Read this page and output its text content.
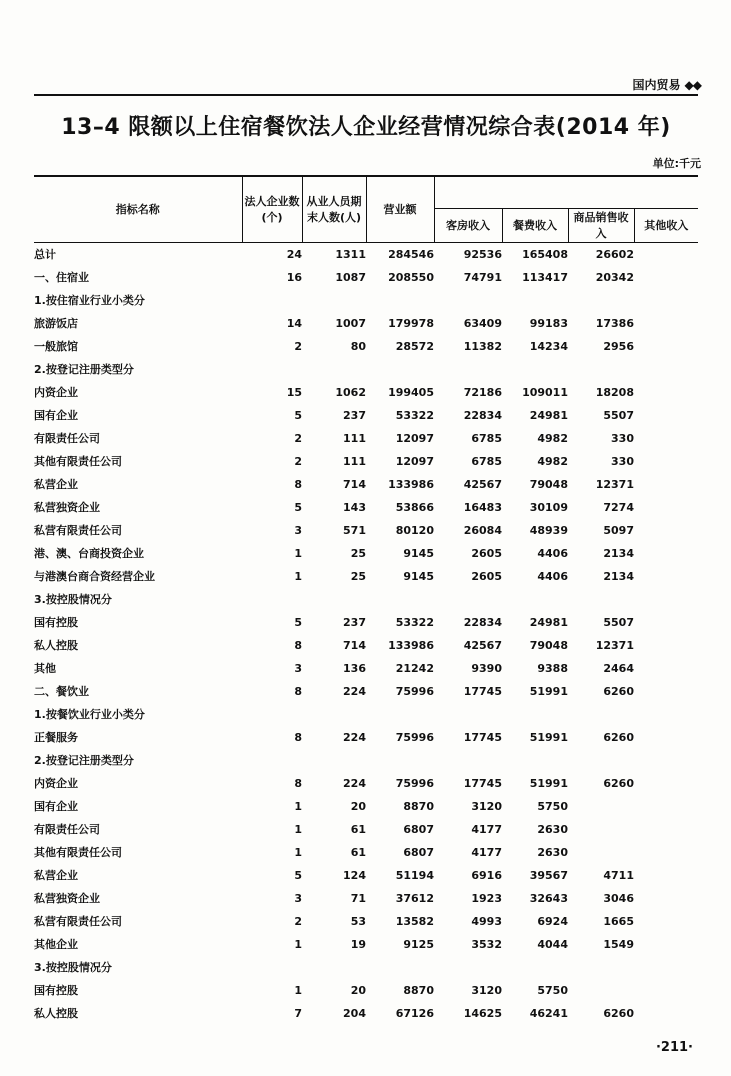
国内贸易 ◆◆
13–4 限额以上住宿餐饮法人企业经营情况综合表(2014 年)
单位:千元
指标名称	法人企业数(个)	从业人员期末人数(人)	营业额				
				客房收入	餐费收入	商品销售收入	其他收入
总计	24	1311	284546	92536	165408	26602	
一、住宿业	16	1087	208550	74791	113417	20342	
1.按住宿业行业小类分							
旅游饭店	14	1007	179978	63409	99183	17386	
一般旅馆	2	80	28572	11382	14234	2956	
2.按登记注册类型分							
内资企业	15	1062	199405	72186	109011	18208	
国有企业	5	237	53322	22834	24981	5507	
有限责任公司	2	111	12097	6785	4982	330	
其他有限责任公司	2	111	12097	6785	4982	330	
私营企业	8	714	133986	42567	79048	12371	
私营独资企业	5	143	53866	16483	30109	7274	
私营有限责任公司	3	571	80120	26084	48939	5097	
港、澳、台商投资企业	1	25	9145	2605	4406	2134	
与港澳台商合资经营企业	1	25	9145	2605	4406	2134	
3.按控股情况分							
国有控股	5	237	53322	22834	24981	5507	
私人控股	8	714	133986	42567	79048	12371	
其他	3	136	21242	9390	9388	2464	
二、餐饮业	8	224	75996	17745	51991	6260	
1.按餐饮业行业小类分							
正餐服务	8	224	75996	17745	51991	6260	
2.按登记注册类型分							
内资企业	8	224	75996	17745	51991	6260	
国有企业	1	20	8870	3120	5750		
有限责任公司	1	61	6807	4177	2630		
其他有限责任公司	1	61	6807	4177	2630		
私营企业	5	124	51194	6916	39567	4711	
私营独资企业	3	71	37612	1923	32643	3046	
私营有限责任公司	2	53	13582	4993	6924	1665	
其他企业	1	19	9125	3532	4044	1549	
3.按控股情况分							
国有控股	1	20	8870	3120	5750		
私人控股	7	204	67126	14625	46241	6260	
·211·
